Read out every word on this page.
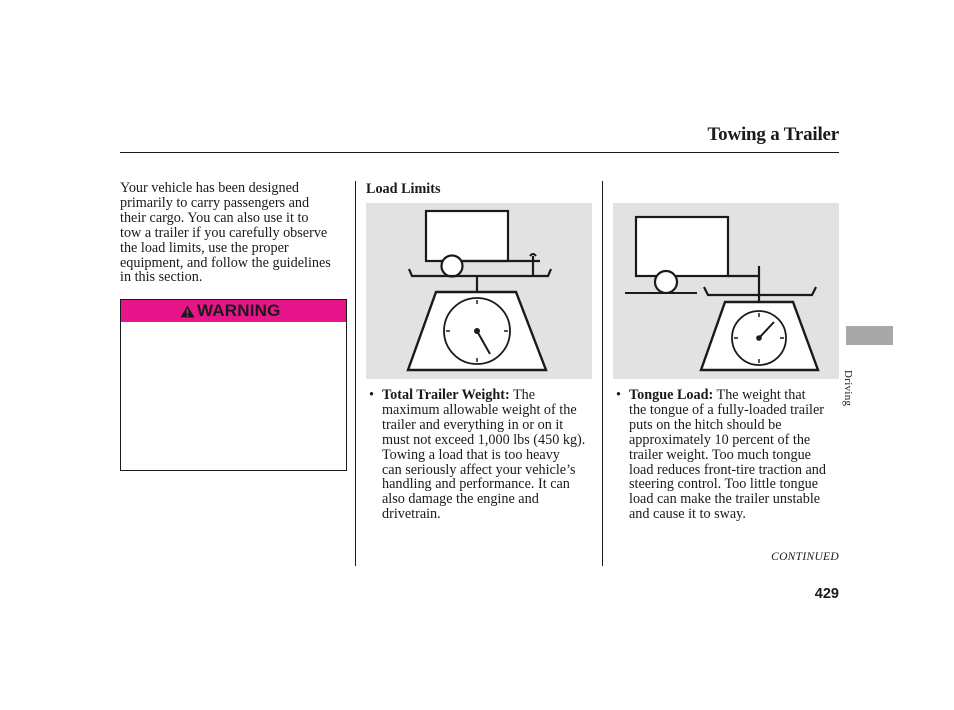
Towing a Trailer
Your vehicle has been designed
primarily to carry passengers and
their cargo. You can also use it to
tow a trailer if you carefully observe
the load limits, use the proper
equipment, and follow the guidelines
in this section.
WARNING
Load Limits
• Total Trailer Weight: The
maximum allowable weight of the
trailer and everything in or on it
must not exceed 1,000 lbs (450 kg).
Towing a load that is too heavy
can seriously affect your vehicle’s
handling and performance. It can
also damage the engine and
drivetrain.
• Tongue Load: The weight that
the tongue of a fully-loaded trailer
puts on the hitch should be
approximately 10 percent of the
trailer weight. Too much tongue
load reduces front-tire traction and
steering control. Too little tongue
load can make the trailer unstable
and cause it to sway.
Driving
CONTINUED
429
